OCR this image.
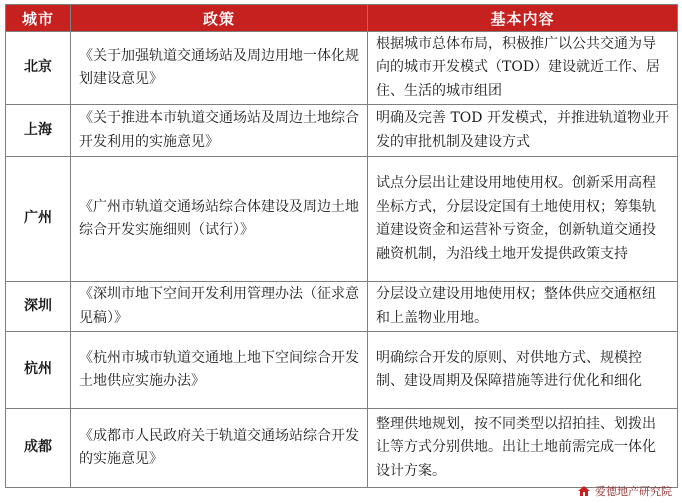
城市	政策	基本内容
北京	《关于加强轨道交通场站及周边用地一体化规划建设意见》	根据城市总体布局，积极推广以公共交通为导向的城市开发模式（TOD）建设就近工作、居住、生活的城市组团
上海	《关于推进本市轨道交通场站及周边土地综合开发利用的实施意见》	明确及完善 TOD 开发模式，并推进轨道物业开发的审批机制及建设方式
广州	《广州市轨道交通场站综合体建设及周边土地综合开发实施细则（试行）》	试点分层出让建设用地使用权。创新采用高程坐标方式，分层设定国有土地使用权；筹集轨道建设资金和运营补亏资金，创新轨道交通投融资机制，为沿线土地开发提供政策支持
深圳	《深圳市地下空间开发利用管理办法（征求意见稿）》	分层设立建设用地使用权；整体供应交通枢纽和上盖物业用地。
杭州	《杭州市城市轨道交通地上地下空间综合开发土地供应实施办法》	明确综合开发的原则、对供地方式、规模控制、建设周期及保障措施等进行优化和细化
成都	《成都市人民政府关于轨道交通场站综合开发的实施意见》	整理供地规划，按不同类型以招拍挂、划拨出让等方式分别供地。出让土地前需完成一体化设计方案。
爱德地产研究院
